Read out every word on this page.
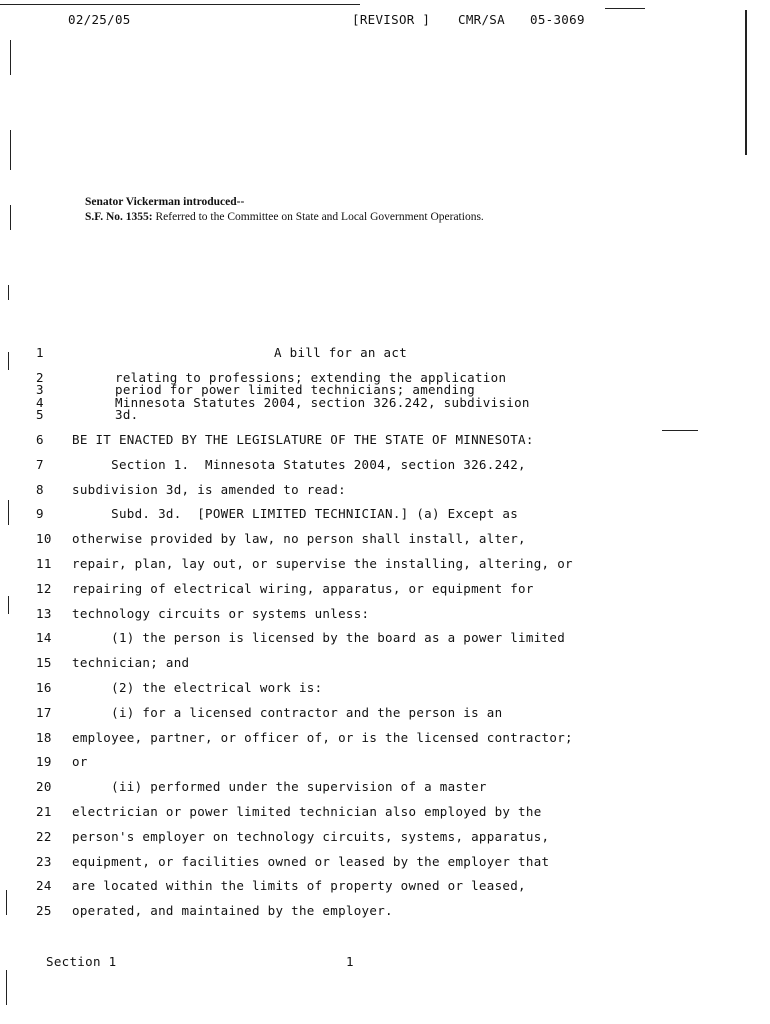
02/25/05	[REVISOR ] CMR/SA 05-3069
Senator Vickerman introduced--
S.F. No. 1355: Referred to the Committee on State and Local Government Operations.

1

	A bill for an act

2	relating to professions; extending the application
3	period for power limited technicians; amending
4	Minnesota Statutes 2004, section 326.242, subdivision
5	3d.
6	BE IT ENACTED BY THE LEGISLATURE OF THE STATE OF MINNESOTA:
7	Section 1.  Minnesota Statutes 2004, section 326.242,
8	subdivision 3d, is amended to read:
9	Subd. 3d.  [POWER LIMITED TECHNICIAN.] (a) Except as
10	otherwise provided by law, no person shall install, alter,
11	repair, plan, lay out, or supervise the installing, altering, or
12	repairing of electrical wiring, apparatus, or equipment for
13	technology circuits or systems unless:
14	(1) the person is licensed by the board as a power limited
15	technician; and
16	(2) the electrical work is:
17	(i) for a licensed contractor and the person is an
18	employee, partner, or officer of, or is the licensed contractor;
19	or
20	(ii) performed under the supervision of a master
21	electrician or power limited technician also employed by the
22	person's employer on technology circuits, systems, apparatus,
23	equipment, or facilities owned or leased by the employer that
24	are located within the limits of property owned or leased,
25	operated, and maintained by the employer.
Section 1	1
